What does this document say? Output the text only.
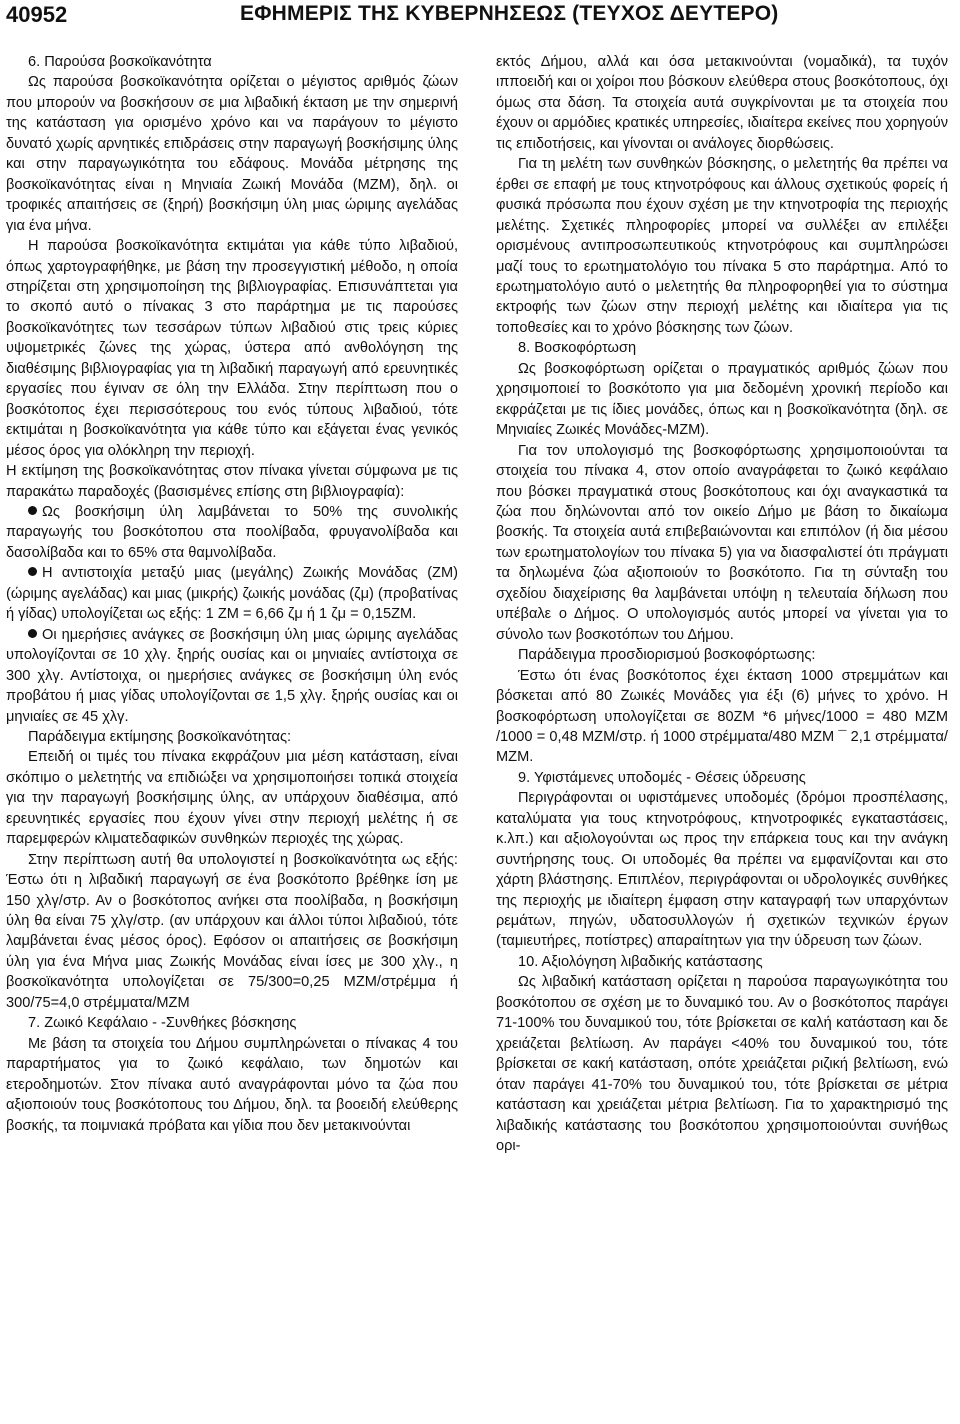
40952	ΕΦΗΜΕΡΙΣ ΤΗΣ ΚΥΒΕΡΝΗΣΕΩΣ (ΤΕΥΧΟΣ ΔΕΥΤΕΡΟ)

6. Παρούσα βοσκοϊκανότητα

Ως παρούσα βοσκοϊκανότητα ορίζεται ο μέγιστος αριθμός ζώων που μπορούν να βοσκήσουν σε μια λιβαδική έκταση με την σημερινή της κατάσταση για ορισμένο χρόνο και να παράγουν το μέγιστο δυνατό χωρίς αρνητικές επιδράσεις στην παραγωγή βοσκήσιμης ύλης και στην παραγωγικότητα του εδάφους. Μονάδα μέτρησης της βοσκοϊκανότητας είναι η Μηνιαία Ζωική Μονάδα (ΜΖΜ), δηλ. οι τροφικές απαιτήσεις σε (ξηρή) βοσκήσιμη ύλη μιας ώριμης αγελάδας για ένα μήνα.

Η παρούσα βοσκοϊκανότητα εκτιμάται για κάθε τύπο λιβαδιού, όπως χαρτογραφήθηκε, με βάση την προσεγγιστική μέθοδο, η οποία στηρίζεται στη χρησιμοποίηση της βιβλιογραφίας. Επισυνάπτεται για το σκοπό αυτό ο πίνακας 3 στο παράρτημα με τις παρούσες βοσκοϊκανότητες των τεσσάρων τύπων λιβαδιού στις τρεις κύριες υψομετρικές ζώνες της χώρας, ύστερα από ανθολόγηση της διαθέσιμης βιβλιογραφίας για τη λιβαδική παραγωγή από ερευνητικές εργασίες που έγιναν σε όλη την Ελλάδα. Στην περίπτωση που ο βοσκότοπος έχει περισσότερους του ενός τύπους λιβαδιού, τότε εκτιμάται η βοσκοϊκανότητα για κάθε τύπο και εξάγεται ένας γενικός μέσος όρος για ολόκληρη την περιοχή.

Η εκτίμηση της βοσκοϊκανότητας στον πίνακα γίνεται σύμφωνα με τις παρακάτω παραδοχές (βασισμένες επίσης στη βιβλιογραφία):

Ως βοσκήσιμη ύλη λαμβάνεται το 50% της συνολικής παραγωγής του βοσκότοπου στα ποολίβαδα, φρυγανολίβαδα και δασολίβαδα και το 65% στα θαμνολίβαδα.

Η αντιστοιχία μεταξύ μιας (μεγάλης) Ζωικής Μονάδας (ΖΜ) (ώριμης αγελάδας) και μιας (μικρής) ζωικής μονάδας (ζμ) (προβατίνας ή γίδας) υπολογίζεται ως εξής: 1 ΖΜ = 6,66 ζμ ή 1 ζμ = 0,15ΖΜ.

Οι ημερήσιες ανάγκες σε βοσκήσιμη ύλη μιας ώριμης αγελάδας υπολογίζονται σε 10 χλγ. ξηρής ουσίας και οι μηνιαίες αντίστοιχα σε 300 χλγ. Αντίστοιχα, οι ημερήσιες ανάγκες σε βοσκήσιμη ύλη ενός προβάτου ή μιας γίδας υπολογίζονται σε 1,5 χλγ. ξηρής ουσίας και οι μηνιαίες σε 45 χλγ.

Παράδειγμα εκτίμησης βοσκοϊκανότητας:

Επειδή οι τιμές του πίνακα εκφράζουν μια μέση κατάσταση, είναι σκόπιμο ο μελετητής να επιδιώξει να χρησιμοποιήσει τοπικά στοιχεία για την παραγωγή βοσκήσιμης ύλης, αν υπάρχουν διαθέσιμα, από ερευνητικές εργασίες που έχουν γίνει στην περιοχή μελέτης ή σε παρεμφερών κλιματεδαφικών συνθηκών περιοχές της χώρας.

Στην περίπτωση αυτή θα υπολογιστεί η βοσκοϊκανότητα ως εξής: Έστω ότι η λιβαδική παραγωγή σε ένα βοσκότοπο βρέθηκε ίση με 150 χλγ/στρ. Αν ο βοσκότοπος ανήκει στα ποολίβαδα, η βοσκήσιμη ύλη θα είναι 75 χλγ/στρ. (αν υπάρχουν και άλλοι τύποι λιβαδιού, τότε λαμβάνεται ένας μέσος όρος). Εφόσον οι απαιτήσεις σε βοσκήσιμη ύλη για ένα Μήνα μιας Ζωικής Μονάδας είναι ίσες με 300 χλγ., η βοσκοϊκανότητα υπολογίζεται σε 75/300=0,25 ΜΖΜ/στρέμμα ή 300/75=4,0 στρέμματα/ΜΖΜ

7. Ζωικό Κεφάλαιο - -Συνθήκες βόσκησης

Με βάση τα στοιχεία του Δήμου συμπληρώνεται ο πίνακας 4 του παραρτήματος για το ζωικό κεφάλαιο, των δημοτών και ετεροδημοτών. Στον πίνακα αυτό αναγράφονται μόνο τα ζώα που αξιοποιούν τους βοσκότοπους του Δήμου, δηλ. τα βοοειδή ελεύθερης βοσκής, τα ποιμνιακά πρόβατα και γίδια που δεν μετακινούνται

εκτός Δήμου, αλλά και όσα μετακινούνται (νομαδικά), τα τυχόν ιπποειδή και οι χοίροι που βόσκουν ελεύθερα στους βοσκότοπους, όχι όμως στα δάση. Τα στοιχεία αυτά συγκρίνονται με τα στοιχεία που έχουν οι αρμόδιες κρατικές υπηρεσίες, ιδιαίτερα εκείνες που χορηγούν τις επιδοτήσεις, και γίνονται οι ανάλογες διορθώσεις.

Για τη μελέτη των συνθηκών βόσκησης, ο μελετητής θα πρέπει να έρθει σε επαφή με τους κτηνοτρόφους και άλλους σχετικούς φορείς ή φυσικά πρόσωπα που έχουν σχέση με την κτηνοτροφία της περιοχής μελέτης. Σχετικές πληροφορίες μπορεί να συλλέξει αν επιλέξει ορισμένους αντιπροσωπευτικούς κτηνοτρόφους και συμπληρώσει μαζί τους το ερωτηματολόγιο του πίνακα 5 στο παράρτημα. Από το ερωτηματολόγιο αυτό ο μελετητής θα πληροφορηθεί για το σύστημα εκτροφής των ζώων στην περιοχή μελέτης και ιδιαίτερα για τις τοποθεσίες και το χρόνο βόσκησης των ζώων.

8. Βοσκοφόρτωση

Ως βοσκοφόρτωση ορίζεται ο πραγματικός αριθμός ζώων που χρησιμοποιεί το βοσκότοπο για μια δεδομένη χρονική περίοδο και εκφράζεται με τις ίδιες μονάδες, όπως και η βοσκοϊκανότητα (δηλ. σε Μηνιαίες Ζωικές Μονάδες-ΜΖΜ).

Για τον υπολογισμό της βοσκοφόρτωσης χρησιμοποιούνται τα στοιχεία του πίνακα 4, στον οποίο αναγράφεται το ζωικό κεφάλαιο που βόσκει πραγματικά στους βοσκότοπους και όχι αναγκαστικά τα ζώα που δηλώνονται από τον οικείο Δήμο με βάση το δικαίωμα βοσκής. Τα στοιχεία αυτά επιβεβαιώνονται και επιπόλον (ή δια μέσου των ερωτηματολογίων του πίνακα 5) για να διασφαλιστεί ότι πράγματι τα δηλωμένα ζώα αξιοποιούν το βοσκότοπο. Για τη σύνταξη του σχεδίου διαχείρισης θα λαμβάνεται υπόψη η τελευταία δήλωση που υπέβαλε ο Δήμος. Ο υπολογισμός αυτός μπορεί να γίνεται για το σύνολο των βοσκοτόπων του Δήμου.

Παράδειγμα προσδιορισμού βοσκοφόρτωσης:

Έστω ότι ένας βοσκότοπος έχει έκταση 1000 στρεμμάτων και βόσκεται από 80 Ζωικές Μονάδες για έξι (6) μήνες το χρόνο. Η βοσκοφόρτωση υπολογίζεται σε 80ΖΜ *6 μήνες/1000 = 480 ΜΖΜ /1000 = 0,48 ΜΖΜ/στρ. ή 1000 στρέμματα/480 ΜΖΜ ¯ 2,1 στρέμματα/ΜΖΜ.

9. Υφιστάμενες υποδομές - Θέσεις ύδρευσης

Περιγράφονται οι υφιστάμενες υποδομές (δρόμοι προσπέλασης, καταλύματα για τους κτηνοτρόφους, κτηνοτροφικές εγκαταστάσεις, κ.λπ.) και αξιολογούνται ως προς την επάρκεια τους και την ανάγκη συντήρησης τους. Οι υποδομές θα πρέπει να εμφανίζονται και στο χάρτη βλάστησης. Επιπλέον, περιγράφονται οι υδρολογικές συνθήκες της περιοχής με ιδιαίτερη έμφαση στην καταγραφή των υπαρχόντων ρεμάτων, πηγών, υδατοσυλλογών ή σχετικών τεχνικών έργων (ταμιευτήρες, ποτίστρες) απαραίτητων για την ύδρευση των ζώων.

10. Αξιολόγηση λιβαδικής κατάστασης

Ως λιβαδική κατάσταση ορίζεται η παρούσα παραγωγικότητα του βοσκότοπου σε σχέση με το δυναμικό του. Αν ο βοσκότοπος παράγει 71-100% του δυναμικού του, τότε βρίσκεται σε καλή κατάσταση και δε χρειάζεται βελτίωση. Αν παράγει <40% του δυναμικού του, τότε βρίσκεται σε κακή κατάσταση, οπότε χρειάζεται ριζική βελτίωση, ενώ όταν παράγει 41-70% του δυναμικού του, τότε βρίσκεται σε μέτρια κατάσταση και χρειάζεται μέτρια βελτίωση. Για το χαρακτηρισμό της λιβαδικής κατάστασης του βοσκότοπου χρησιμοποιούνται συνήθως ορι-
